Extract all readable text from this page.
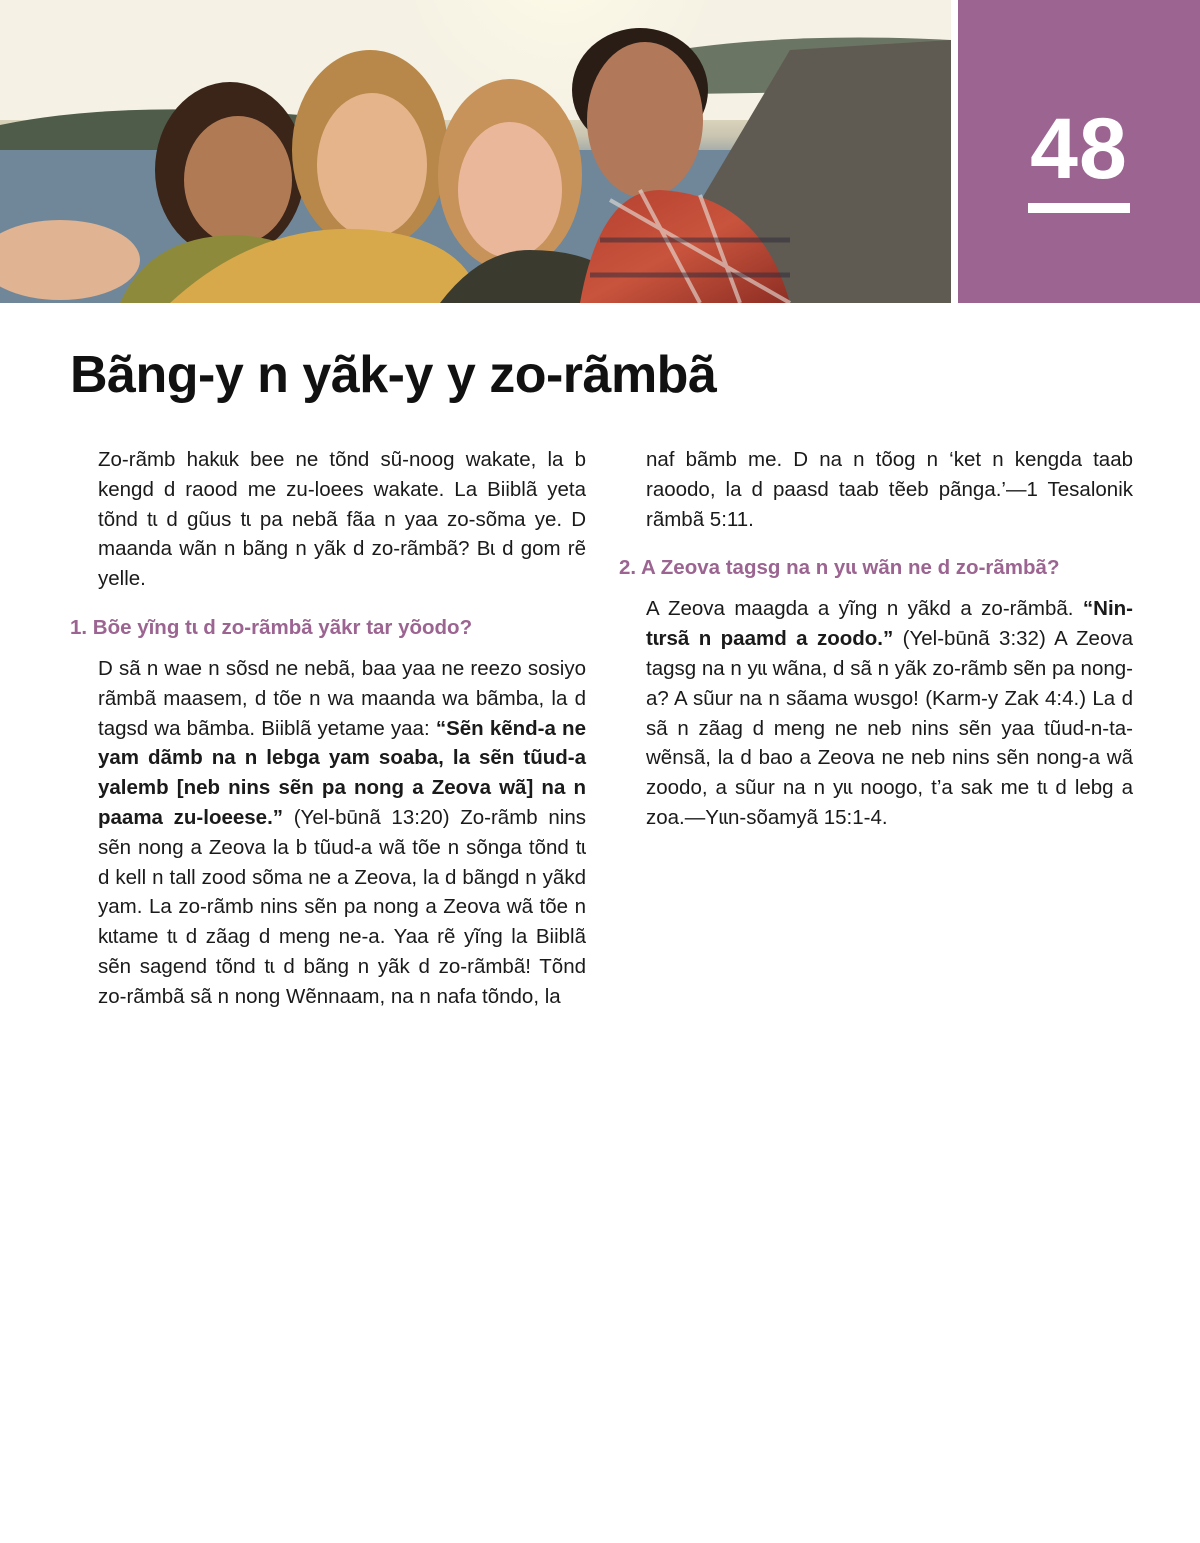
48
Bãng-y n yãk-y y zo-rãmbã

Zo-rãmb hakɩɩk bee ne tõnd sũ-noog wakate, la b kengd d raood me zu-loees wakate. La Biiblã yeta tõnd tɩ d gũus tɩ pa nebã fãa n yaa zo-sõma ye. D maanda wãn n bãng n yãk d zo-rãmbã? Bɩ d gom rẽ yelle.

1. Bõe yĩng tɩ d zo-rãmbã yãkr tar yõodo?

D sã n wae n sõsd ne nebã, baa yaa ne reezo sosiyo rãmbã maasem, d tõe n wa maanda wa bãmba, la d tagsd wa bãmba. Biiblã yetame yaa: “Sẽn kẽnd-a ne yam dãmb na n lebga yam soaba, la sẽn tũud-a yalemb [neb nins sẽn pa nong a Zeova wã] na n paama zu-loeese.” (Yel-būnã 13:20) Zo-rãmb nins sẽn nong a Zeova la b tũud-a wã tõe n sõnga tõnd tɩ d kell n tall zood sõma ne a Zeova, la d bãngd n yãkd yam. La zo-rãmb nins sẽn pa nong a Zeova wã tõe n kɩtame tɩ d zãag d meng ne-a. Yaa rẽ yĩng la Biiblã sẽn sagend tõnd tɩ d bãng n yãk d zo-rãmbã! Tõnd zo-rãmbã sã n nong Wẽnnaam, na n nafa tõndo, la

naf bãmb me. D na n tõog n ‘ket n kengda taab raoodo, la d paasd taab tẽeb pãnga.’—1 Tesalonik rãmbã 5:11.

2. A Zeova tagsg na n yɩɩ wãn ne d zo-rãmbã?

A Zeova maagda a yĩng n yãkd a zo-rãmbã. “Nin-tɩrsã n paamd a zoodo.” (Yel-būnã 3:32) A Zeova tagsg na n yɩɩ wãna, d sã n yãk zo-rãmb sẽn pa nong-a? A sũur na n sãama wʋsgo! (Karm-y Zak 4:4.) La d sã n zãag d meng ne neb nins sẽn yaa tũud-n-ta-wẽnsã, la d bao a Zeova ne neb nins sẽn nong-a wã zoodo, a sũur na n yɩɩ noogo, t’a sak me tɩ d lebg a zoa.—Yɩɩn-sõamyã 15:1-4.
